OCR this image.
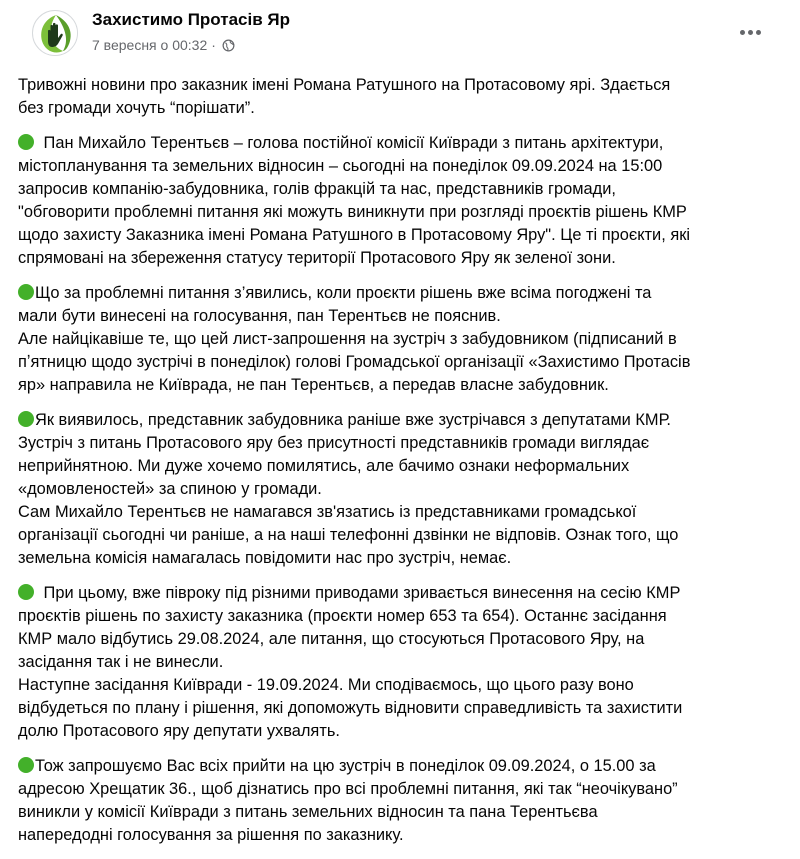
Захистимо Протасів Яр
7 вересня о 00:32 ·
Тривожні новини про заказник імені Романа Ратушного на Протасовому ярі. Здається
без громади хочуть “порішати”.
Пан Михайло Терентьєв – голова постійної комісії Київради з питань архітектури,
містопланування та земельних відносин – сьогодні на понеділок 09.09.2024 на 15:00
запросив компанію-забудовника, голів фракцій та нас, представників громади,
"обговорити проблемні питання які можуть виникнути при розгляді проєктів рішень КМР
щодо захисту Заказника імені Романа Ратушного в Протасовому Яру". Це ті проєкти, які
спрямовані на збереження статусу території Протасового Яру як зеленої зони.
Що за проблемні питання з’явились, коли проєкти рішень вже всіма погоджені та
мали бути винесені на голосування, пан Терентьєв не пояснив.
Але найцікавіше те, що цей лист-запрошення на зустріч з забудовником (підписаний в
пʼятницю щодо зустрічі в понеділок) голові Громадської організації «Захистимо Протасів
яр» направила не Київрада, не пан Терентьєв, а передав власне забудовник.
Як виявилось, представник забудовника раніше вже зустрічався з депутатами КМР.
Зустріч з питань Протасового яру без присутності представників громади виглядає
неприйнятною. Ми дуже хочемо помилятись, але бачимо ознаки неформальних
«домовленостей» за спиною у громади.
Сам Михайло Терентьєв не намагався зв'язатись із представниками громадської
організації сьогодні чи раніше, а на наші телефонні дзвінки не відповів. Ознак того, що
земельна комісія намагалась повідомити нас про зустріч, немає.
При цьому, вже півроку під різними приводами зривається винесення на сесію КМР
проєктів рішень по захисту заказника (проєкти номер 653 та 654). Останнє засідання
КМР мало відбутись 29.08.2024, але питання, що стосуються Протасового Яру, на
засідання так і не винесли.
Наступне засідання Київради - 19.09.2024. Ми сподіваємось, що цього разу воно
відбудеться по плану і рішення, які допоможуть відновити справедливість та захистити
долю Протасового яру депутати ухвалять.
Тож запрошуємо Вас всіх прийти на цю зустріч в понеділок 09.09.2024, о 15.00 за
адресою Хрещатик 36., щоб дізнатись про всі проблемні питання, які так “неочікувано”
виникли у комісії Київради з питань земельних відносин та пана Терентьєва
напередодні голосування за рішення по заказнику.
